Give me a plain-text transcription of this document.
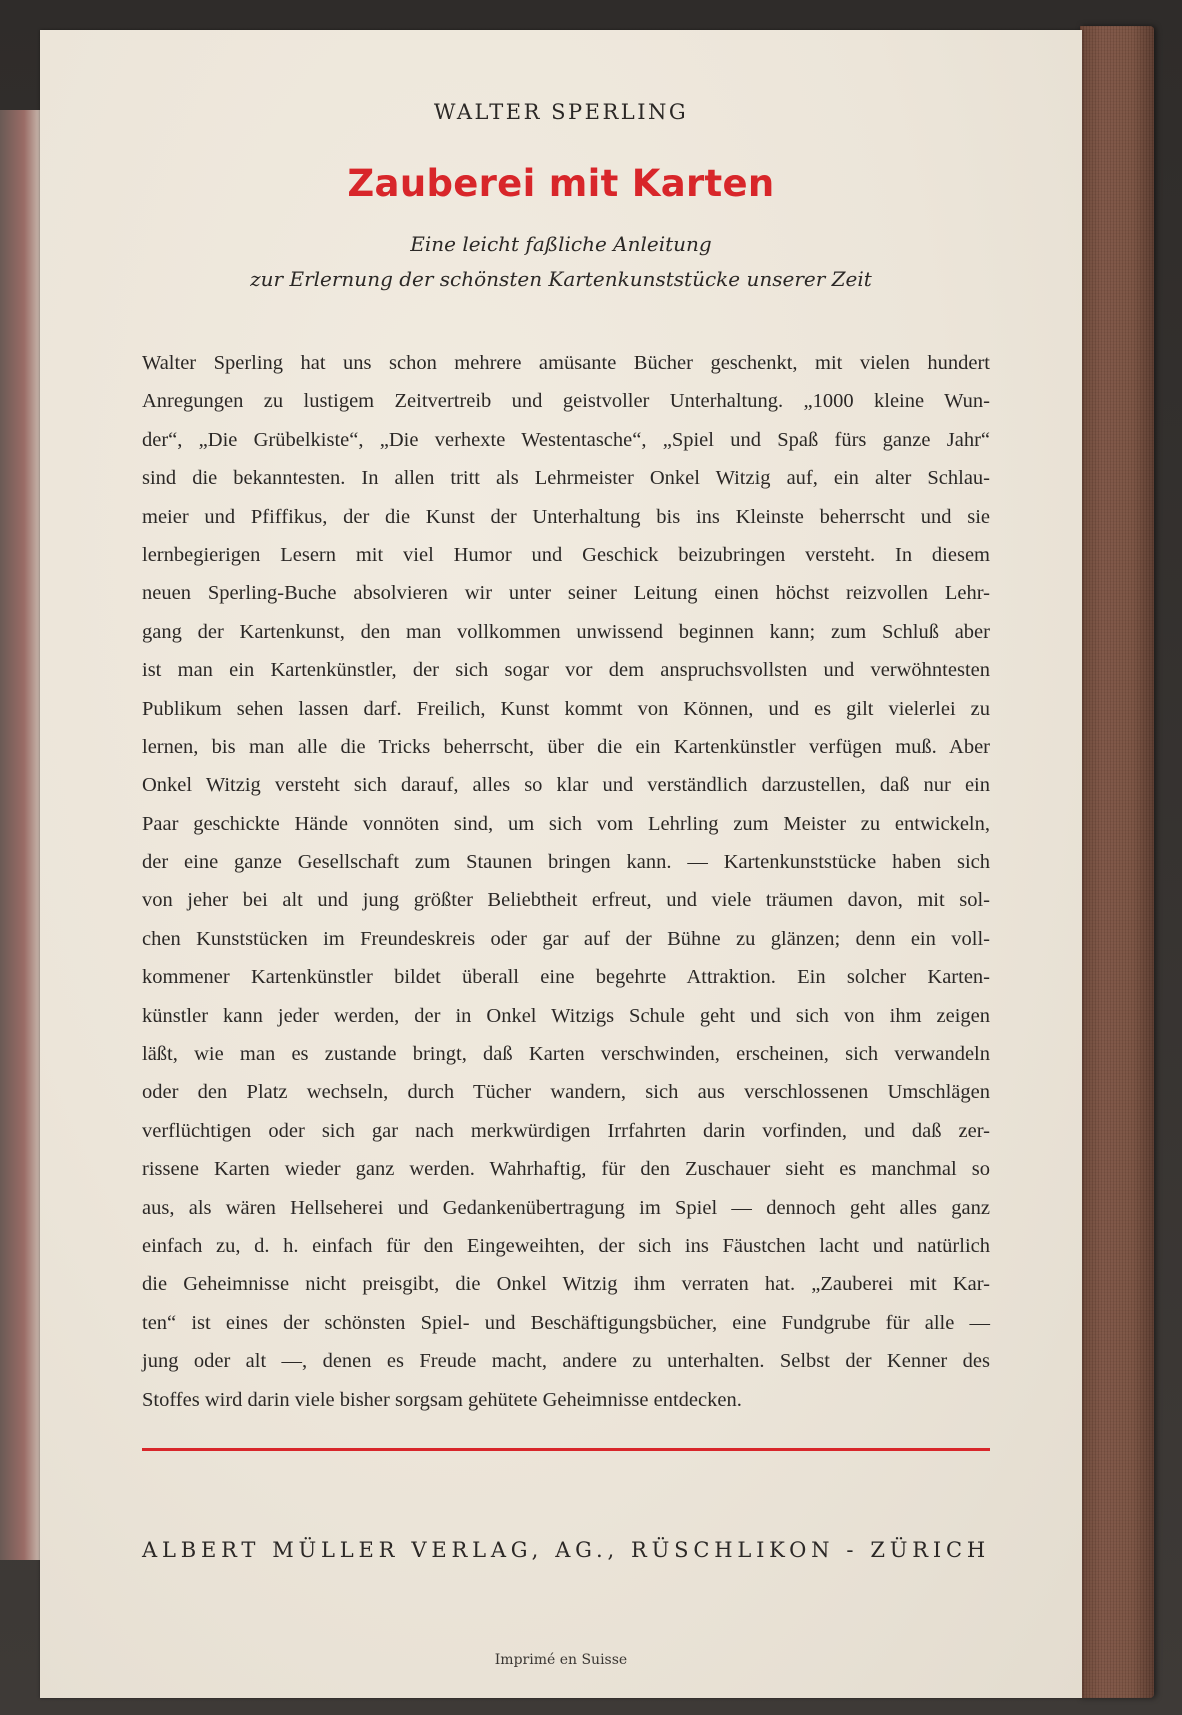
WALTER SPERLING
Zauberei mit Karten
Eine leicht faßliche Anleitung
zur Erlernung der schönsten Kartenkunststücke unserer Zeit
Walter Sperling hat uns schon mehrere amüsante Bücher geschenkt, mit vielen hundert
Anregungen zu lustigem Zeitvertreib und geistvoller Unterhaltung. „1000 kleine Wun-
der“, „Die Grübelkiste“, „Die verhexte Westentasche“, „Spiel und Spaß fürs ganze Jahr“
sind die bekanntesten. In allen tritt als Lehrmeister Onkel Witzig auf, ein alter Schlau-
meier und Pfiffikus, der die Kunst der Unterhaltung bis ins Kleinste beherrscht und sie
lernbegierigen Lesern mit viel Humor und Geschick beizubringen versteht. In diesem
neuen Sperling-Buche absolvieren wir unter seiner Leitung einen höchst reizvollen Lehr-
gang der Kartenkunst, den man vollkommen unwissend beginnen kann; zum Schluß aber
ist man ein Kartenkünstler, der sich sogar vor dem anspruchsvollsten und verwöhntesten
Publikum sehen lassen darf. Freilich, Kunst kommt von Können, und es gilt vielerlei zu
lernen, bis man alle die Tricks beherrscht, über die ein Kartenkünstler verfügen muß. Aber
Onkel Witzig versteht sich darauf, alles so klar und verständlich darzustellen, daß nur ein
Paar geschickte Hände vonnöten sind, um sich vom Lehrling zum Meister zu entwickeln,
der eine ganze Gesellschaft zum Staunen bringen kann. — Kartenkunststücke haben sich
von jeher bei alt und jung größter Beliebtheit erfreut, und viele träumen davon, mit sol-
chen Kunststücken im Freundeskreis oder gar auf der Bühne zu glänzen; denn ein voll-
kommener Kartenkünstler bildet überall eine begehrte Attraktion. Ein solcher Karten-
künstler kann jeder werden, der in Onkel Witzigs Schule geht und sich von ihm zeigen
läßt, wie man es zustande bringt, daß Karten verschwinden, erscheinen, sich verwandeln
oder den Platz wechseln, durch Tücher wandern, sich aus verschlossenen Umschlägen
verflüchtigen oder sich gar nach merkwürdigen Irrfahrten darin vorfinden, und daß zer-
rissene Karten wieder ganz werden. Wahrhaftig, für den Zuschauer sieht es manchmal so
aus, als wären Hellseherei und Gedankenübertragung im Spiel — dennoch geht alles ganz
einfach zu, d. h. einfach für den Eingeweihten, der sich ins Fäustchen lacht und natürlich
die Geheimnisse nicht preisgibt, die Onkel Witzig ihm verraten hat. „Zauberei mit Kar-
ten“ ist eines der schönsten Spiel- und Beschäftigungsbücher, eine Fundgrube für alle —
jung oder alt —, denen es Freude macht, andere zu unterhalten. Selbst der Kenner des
Stoffes wird darin viele bisher sorgsam gehütete Geheimnisse entdecken.
ALBERT MÜLLER VERLAG, AG., RÜSCHLIKON - ZÜRICH
Imprimé en Suisse
